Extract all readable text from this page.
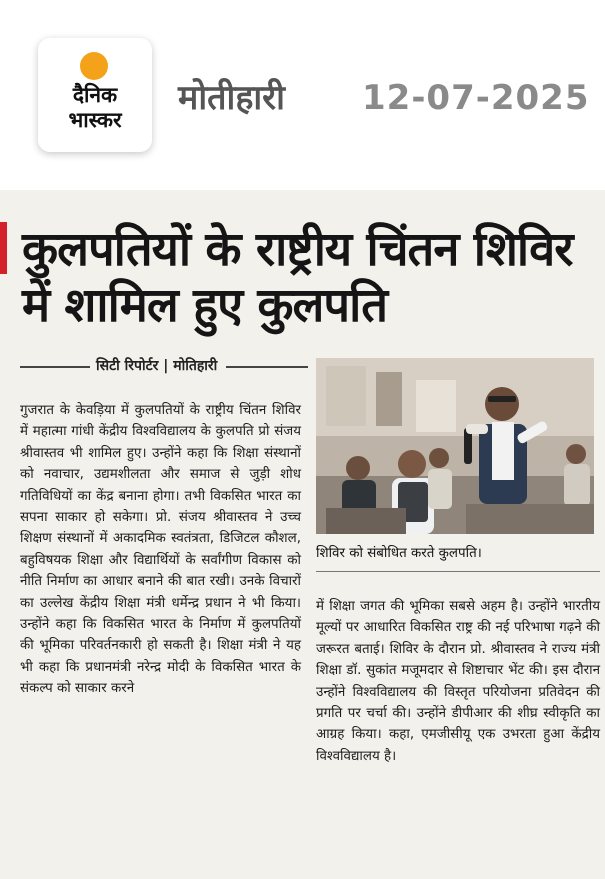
दैनिक
भास्कर
मोतीहारी 12-07-2025
कुलपतियों के राष्ट्रीय चिंतन शिविर में शामिल हुए कुलपति
सिटी रिपोर्टर | मोतिहारी

गुजरात के केवड़िया में कुलपतियों के राष्ट्रीय चिंतन शिविर में महात्मा गांधी केंद्रीय विश्वविद्यालय के कुलपति प्रो संजय श्रीवास्तव भी शामिल हुए। उन्होंने कहा कि शिक्षा संस्थानों को नवाचार, उद्यमशीलता और समाज से जुड़ी शोध गतिविधियों का केंद्र बनाना होगा। तभी विकसित भारत का सपना साकार हो सकेगा। प्रो. संजय श्रीवास्तव ने उच्च शिक्षण संस्थानों में अकादमिक स्वतंत्रता, डिजिटल कौशल, बहुविषयक शिक्षा और विद्यार्थियों के सर्वांगीण विकास को नीति निर्माण का आधार बनाने की बात रखी। उनके विचारों का उल्लेख केंद्रीय शिक्षा मंत्री धर्मेन्द्र प्रधान ने भी किया। उन्होंने कहा कि विकसित भारत के निर्माण में कुलपतियों की भूमिका परिवर्तनकारी हो सकती है। शिक्षा मंत्री ने यह भी कहा कि प्रधानमंत्री नरेन्द्र मोदी के विकसित भारत के संकल्प को साकार करने

शिविर को संबोधित करते कुलपति।

में शिक्षा जगत की भूमिका सबसे अहम है। उन्होंने भारतीय मूल्यों पर आधारित विकसित राष्ट्र की नई परिभाषा गढ़ने की जरूरत बताई। शिविर के दौरान प्रो. श्रीवास्तव ने राज्य मंत्री शिक्षा डॉ. सुकांत मजूमदार से शिष्टाचार भेंट की। इस दौरान उन्होंने विश्वविद्यालय की विस्तृत परियोजना प्रतिवेदन की प्रगति पर चर्चा की। उन्होंने डीपीआर की शीघ्र स्वीकृति का आग्रह किया। कहा, एमजीसीयू एक उभरता हुआ केंद्रीय विश्वविद्यालय है।
